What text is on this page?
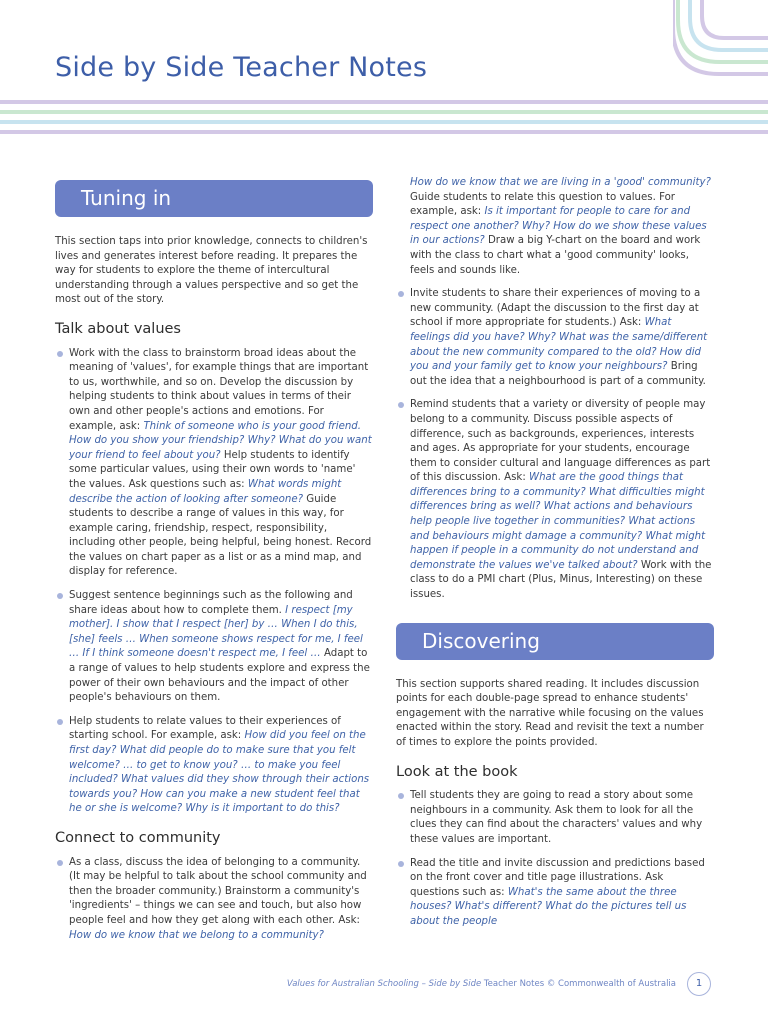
Side by Side Teacher Notes
Tuning in

This section taps into prior knowledge, connects to children's lives and generates interest before reading. It prepares the way for students to explore the theme of intercultural understanding through a values perspective and so get the most out of the story.

Talk about values
Work with the class to brainstorm broad ideas about the meaning of 'values', for example things that are important to us, worthwhile, and so on. Develop the discussion by helping students to think about values in terms of their own and other people's actions and emotions. For example, ask: Think of someone who is your good friend. How do you show your friendship? Why? What do you want your friend to feel about you? Help students to identify some particular values, using their own words to 'name' the values. Ask questions such as: What words might describe the action of looking after someone? Guide students to describe a range of values in this way, for example caring, friendship, respect, responsibility, including other people, being helpful, being honest. Record the values on chart paper as a list or as a mind map, and display for reference.
Suggest sentence beginnings such as the following and share ideas about how to complete them. I respect [my mother]. I show that I respect [her] by … When I do this, [she] feels … When someone shows respect for me, I feel … If I think someone doesn't respect me, I feel … Adapt to a range of values to help students explore and express the power of their own behaviours and the impact of other people's behaviours on them.
Help students to relate values to their experiences of starting school. For example, ask: How did you feel on the first day? What did people do to make sure that you felt welcome? … to get to know you? … to make you feel included? What values did they show through their actions towards you? How can you make a new student feel that he or she is welcome? Why is it important to do this?
Connect to community
As a class, discuss the idea of belonging to a community. (It may be helpful to talk about the school community and then the broader community.) Brainstorm a community's 'ingredients' – things we can see and touch, but also how people feel and how they get along with each other. Ask: How do we know that we belong to a community?
How do we know that we are living in a 'good' community? Guide students to relate this question to values. For example, ask: Is it important for people to care for and respect one another? Why? How do we show these values in our actions? Draw a big Y-chart on the board and work with the class to chart what a 'good community' looks, feels and sounds like.
Invite students to share their experiences of moving to a new community. (Adapt the discussion to the first day at school if more appropriate for students.) Ask: What feelings did you have? Why? What was the same/different about the new community compared to the old? How did you and your family get to know your neighbours? Bring out the idea that a neighbourhood is part of a community.
Remind students that a variety or diversity of people may belong to a community. Discuss possible aspects of difference, such as backgrounds, experiences, interests and ages. As appropriate for your students, encourage them to consider cultural and language differences as part of this discussion. Ask: What are the good things that differences bring to a community? What difficulties might differences bring as well? What actions and behaviours help people live together in communities? What actions and behaviours might damage a community? What might happen if people in a community do not understand and demonstrate the values we've talked about? Work with the class to do a PMI chart (Plus, Minus, Interesting) on these issues.
Discovering

This section supports shared reading. It includes discussion points for each double-page spread to enhance students' engagement with the narrative while focusing on the values enacted within the story. Read and revisit the text a number of times to explore the points provided.

Look at the book
Tell students they are going to read a story about some neighbours in a community. Ask them to look for all the clues they can find about the characters' values and why these values are important.
Read the title and invite discussion and predictions based on the front cover and title page illustrations. Ask questions such as: What's the same about the three houses? What's different? What do the pictures tell us about the people
Values for Australian Schooling – Side by Side Teacher Notes © Commonwealth of Australia	1
